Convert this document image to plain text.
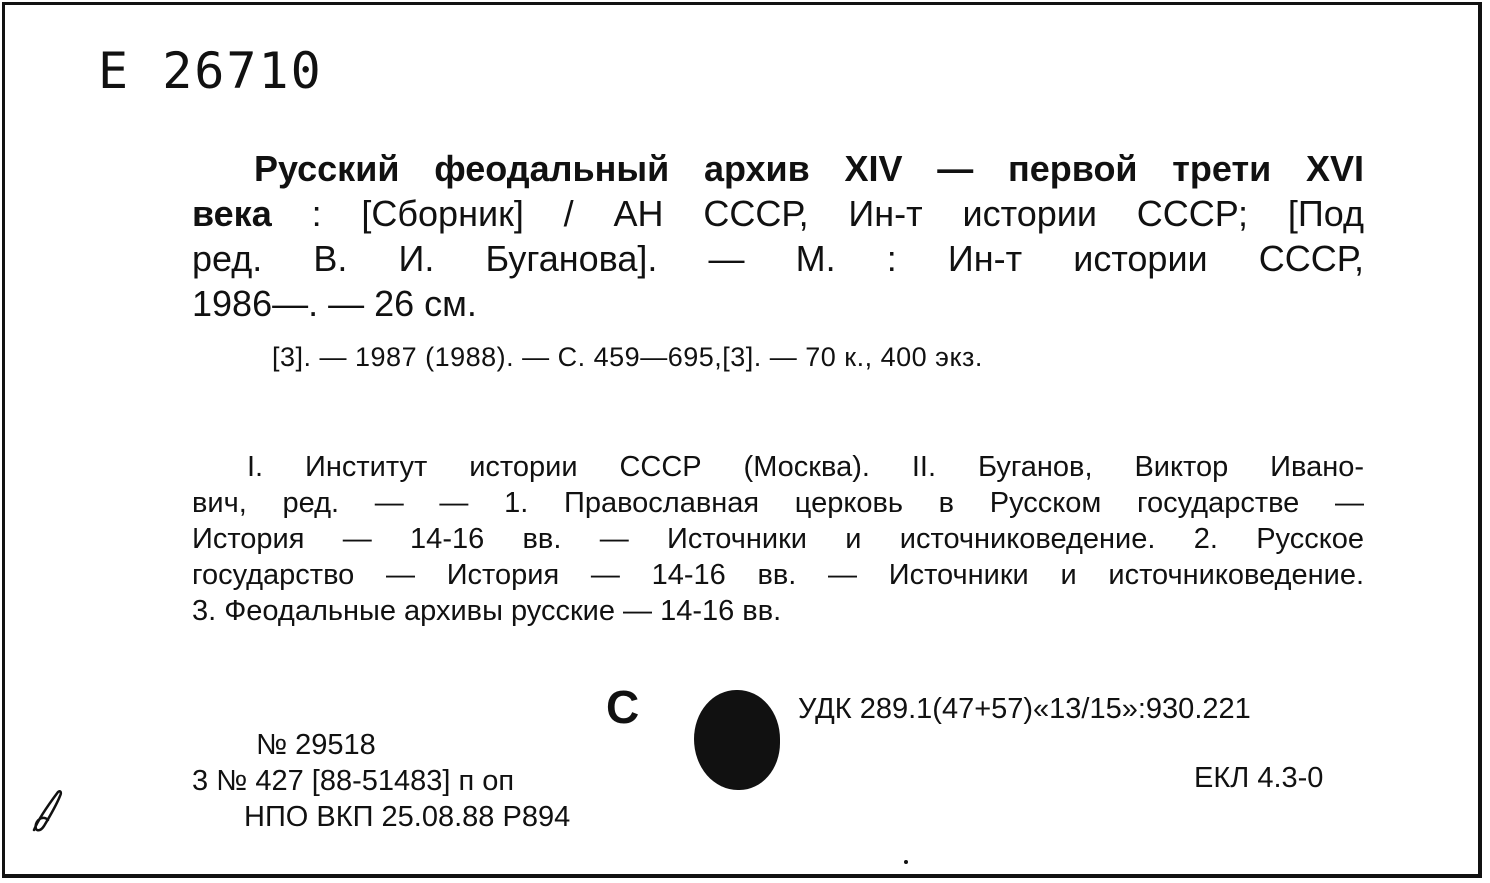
Е 26710
Русский феодальный архив XIV — первой трети XVI
века : [Сборник] / АН СССР, Ин-т истории СССР; [Под
ред. В. И. Буганова]. — М. : Ин-т истории СССР,
1986—. — 26 см.
[3]. — 1987 (1988). — С. 459—695,[3]. — 70 к., 400 экз.
I. Институт истории СССР (Москва). II. Буганов, Виктор Ивано-
вич, ред. — — 1. Православная церковь в Русском государстве —
История — 14-16 вв. — Источники и источниковедение. 2. Русское
государство — История — 14-16 вв. — Источники и источниковедение.
3. Феодальные архивы русские — 14-16 вв.
С	УДК 289.1(47+57)«13/15»:930.221
ЕКЛ 4.3-0
№ 29518
3 № 427 [88-51483] п оп
НПО ВКП 25.08.88 Р894
